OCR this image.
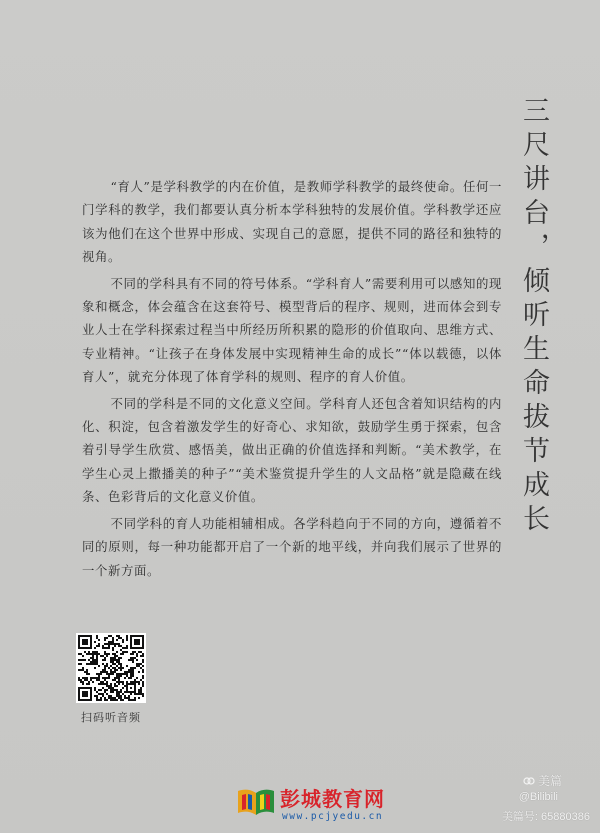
三尺讲台，倾听生命拔节成长

“育人”是学科教学的内在价值，是教师学科教学的最终使命。任何一门学科的教学，我们都要认真分析本学科独特的发展价值。学科教学还应该为他们在这个世界中形成、实现自己的意愿，提供不同的路径和独特的视角。

不同的学科具有不同的符号体系。“学科育人”需要利用可以感知的现象和概念，体会蕴含在这套符号、模型背后的程序、规则，进而体会到专业人士在学科探索过程当中所经历所积累的隐形的价值取向、思维方式、专业精神。“让孩子在身体发展中实现精神生命的成长”“体以载德，以体育人”，就充分体现了体育学科的规则、程序的育人价值。

不同的学科是不同的文化意义空间。学科育人还包含着知识结构的内化、积淀，包含着激发学生的好奇心、求知欲，鼓励学生勇于探索，包含着引导学生欣赏、感悟美，做出正确的价值选择和判断。“美术教学，在学生心灵上撒播美的种子”“美术鉴赏提升学生的人文品格”就是隐藏在线条、色彩背后的文化意义价值。

不同学科的育人功能相辅相成。各学科趋向于不同的方向，遵循着不同的原则，每一种功能都开启了一个新的地平线，并向我们展示了世界的一个新方面。

扫码听音频
彭城教育网
www.pcjyedu.cn
美篇
@Bilibili
美篇号: 65880386
